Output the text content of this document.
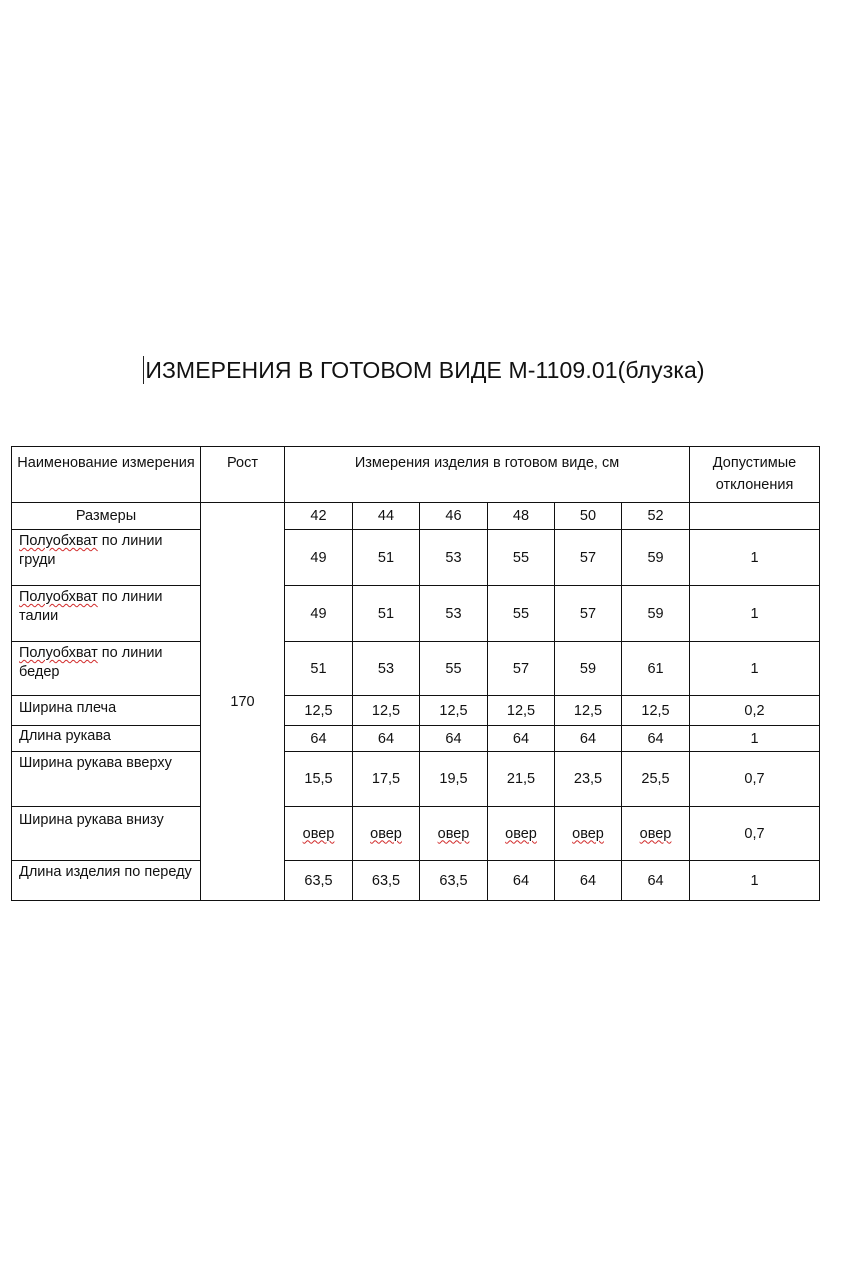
ИЗМЕРЕНИЯ В ГОТОВОМ ВИДЕ М-1109.01(блузка)
Наименование измерения	Рост	Измерения изделия в готовом виде, см						Допустимые отклонения
Размеры	170	42	44	46	48	50	52	
Полуобхват по линии груди		49	51	53	55	57	59	1
Полуобхват по линии талии		49	51	53	55	57	59	1
Полуобхват по линии бедер		51	53	55	57	59	61	1
Ширина плеча		12,5	12,5	12,5	12,5	12,5	12,5	0,2
Длина рукава		64	64	64	64	64	64	1
Ширина рукава вверху		15,5	17,5	19,5	21,5	23,5	25,5	0,7
Ширина рукава внизу		овер	овер	овер	овер	овер	овер	0,7
Длина изделия по переду		63,5	63,5	63,5	64	64	64	1
